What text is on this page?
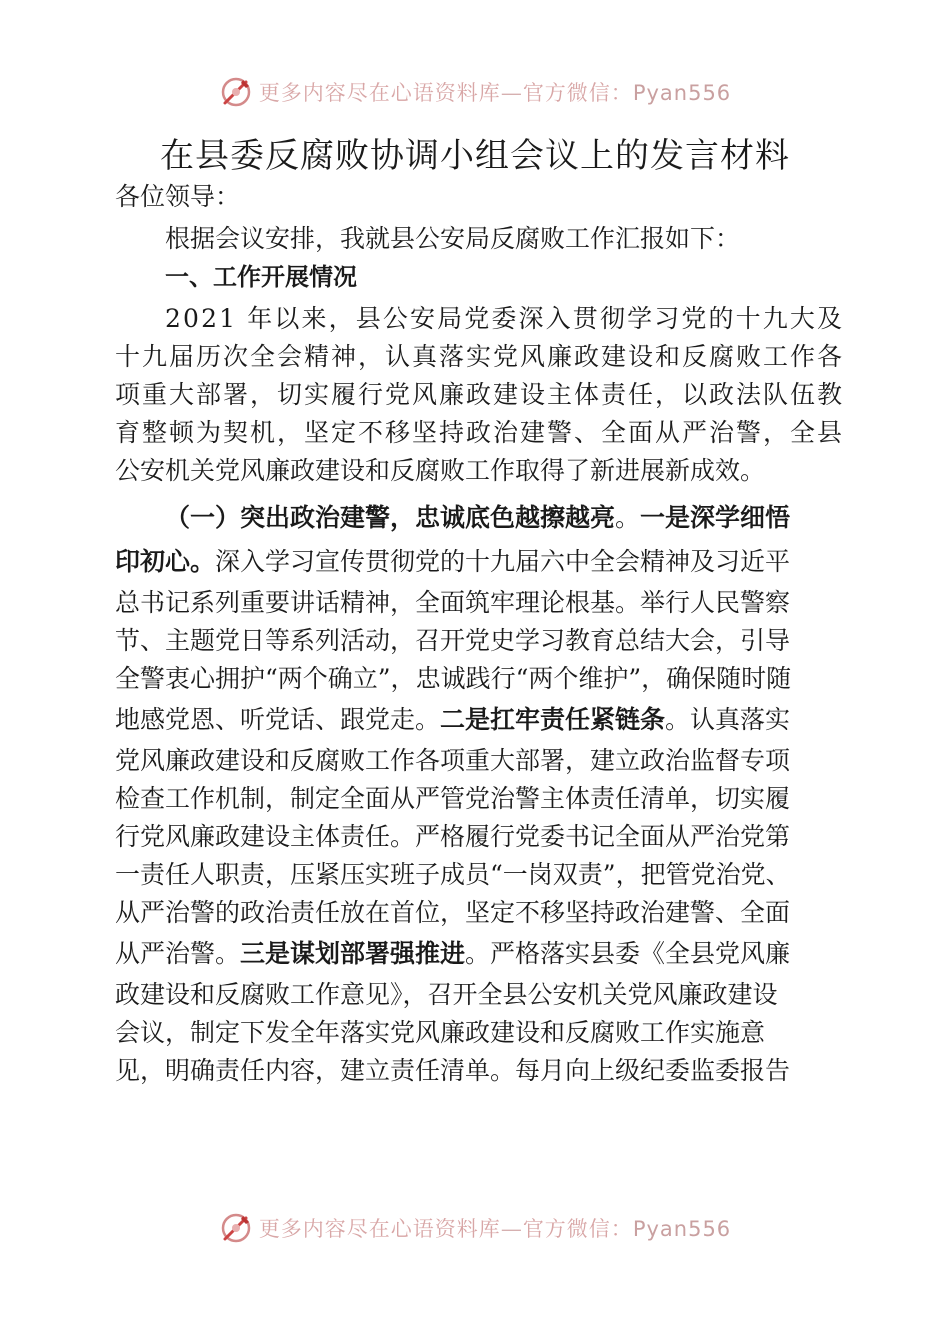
更多内容尽在心语资料库—官方微信：Pyan556
在县委反腐败协调小组会议上的发言材料
各位领导：
根据会议安排，我就县公安局反腐败工作汇报如下：
一、工作开展情况
2021 年以来，县公安局党委深入贯彻学习党的十九大及
十九届历次全会精神，认真落实党风廉政建设和反腐败工作各
项重大部署，切实履行党风廉政建设主体责任，以政法队伍教
育整顿为契机，坚定不移坚持政治建警、全面从严治警，全县
公安机关党风廉政建设和反腐败工作取得了新进展新成效。
（一）突出政治建警，忠诚底色越擦越亮。一是深学细悟
印初心。深入学习宣传贯彻党的十九届六中全会精神及习近平
总书记系列重要讲话精神，全面筑牢理论根基。举行人民警察
节、主题党日等系列活动，召开党史学习教育总结大会，引导
全警衷心拥护“两个确立”，忠诚践行“两个维护”，确保随时随
地感党恩、听党话、跟党走。二是扛牢责任紧链条。认真落实
党风廉政建设和反腐败工作各项重大部署，建立政治监督专项
检查工作机制，制定全面从严管党治警主体责任清单，切实履
行党风廉政建设主体责任。严格履行党委书记全面从严治党第
一责任人职责，压紧压实班子成员“一岗双责”，把管党治党、
从严治警的政治责任放在首位，坚定不移坚持政治建警、全面
从严治警。三是谋划部署强推进。严格落实县委《全县党风廉
政建设和反腐败工作意见》，召开全县公安机关党风廉政建设
会议，制定下发全年落实党风廉政建设和反腐败工作实施意
见，明确责任内容，建立责任清单。每月向上级纪委监委报告
更多内容尽在心语资料库—官方微信：Pyan556
